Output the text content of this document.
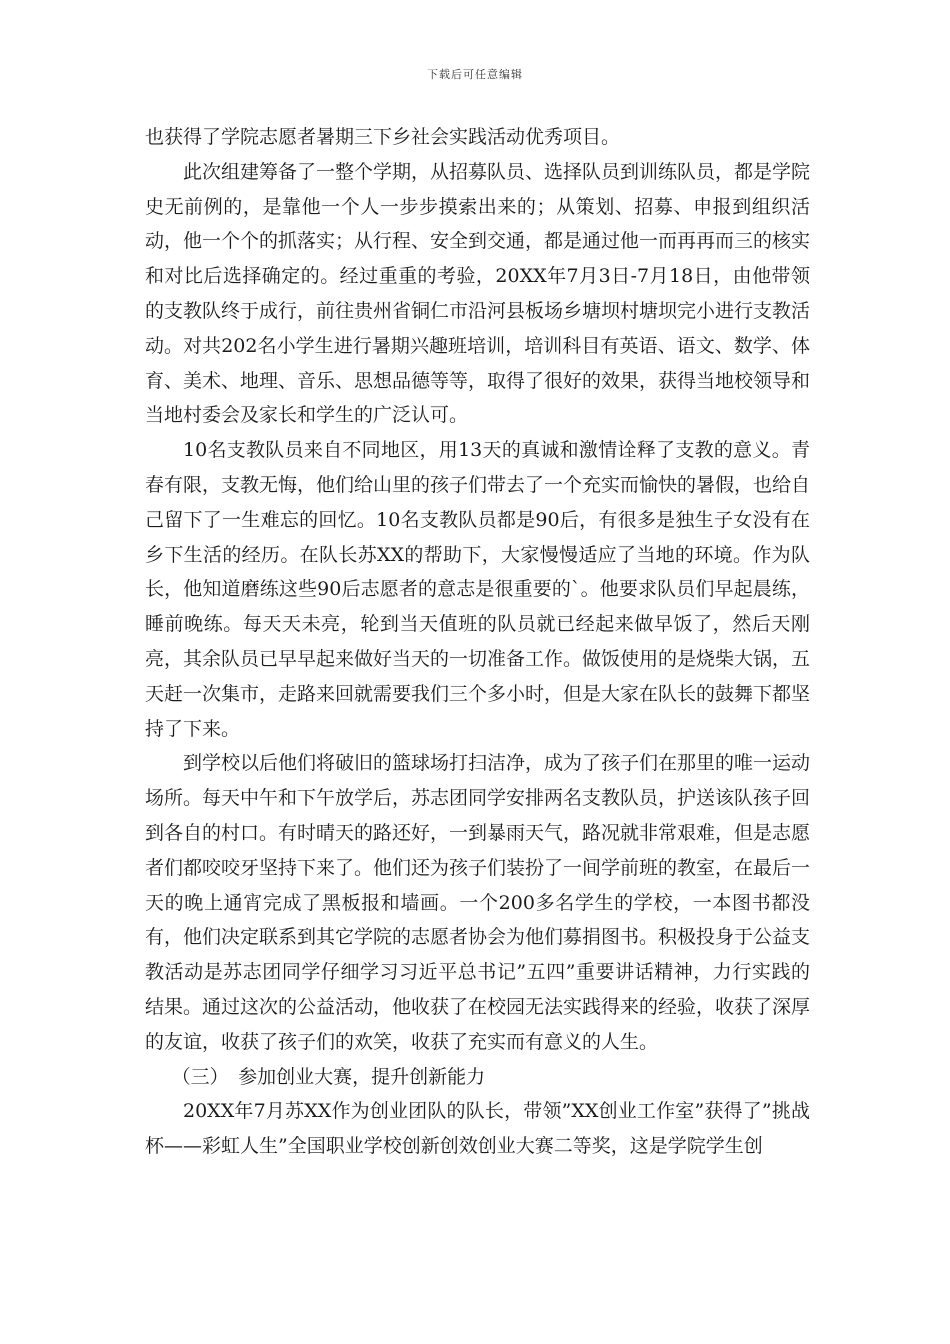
下载后可任意编辑

也获得了学院志愿者暑期三下乡社会实践活动优秀项目。

此次组建筹备了一整个学期，从招募队员、选择队员到训练队员，都是学院史无前例的，是靠他一个人一步步摸索出来的；从策划、招募、申报到组织活动，他一个个的抓落实；从行程、安全到交通，都是通过他一而再再而三的核实和对比后选择确定的。经过重重的考验，20XX年7月3日-7月18日，由他带领的支教队终于成行，前往贵州省铜仁市沿河县板场乡塘坝村塘坝完小进行支教活动。对共202名小学生进行暑期兴趣班培训，培训科目有英语、语文、数学、体育、美术、地理、音乐、思想品德等等，取得了很好的效果，获得当地校领导和当地村委会及家长和学生的广泛认可。

10名支教队员来自不同地区，用13天的真诚和激情诠释了支教的意义。青春有限，支教无悔，他们给山里的孩子们带去了一个充实而愉快的暑假，也给自己留下了一生难忘的回忆。10名支教队员都是90后，有很多是独生子女没有在乡下生活的经历。在队长苏XX的帮助下，大家慢慢适应了当地的环境。作为队长，他知道磨练这些90后志愿者的意志是很重要的`。他要求队员们早起晨练，睡前晚练。每天天未亮，轮到当天值班的队员就已经起来做早饭了，然后天刚亮，其余队员已早早起来做好当天的一切准备工作。做饭使用的是烧柴大锅，五天赶一次集市，走路来回就需要我们三个多小时，但是大家在队长的鼓舞下都坚持了下来。

到学校以后他们将破旧的篮球场打扫洁净，成为了孩子们在那里的唯一运动场所。每天中午和下午放学后，苏志团同学安排两名支教队员，护送该队孩子回到各自的村口。有时晴天的路还好，一到暴雨天气，路况就非常艰难，但是志愿者们都咬咬牙坚持下来了。他们还为孩子们装扮了一间学前班的教室，在最后一天的晚上通宵完成了黑板报和墙画。一个200多名学生的学校，一本图书都没有，他们决定联系到其它学院的志愿者协会为他们募捐图书。积极投身于公益支教活动是苏志团同学仔细学习习近平总书记”五四”重要讲话精神，力行实践的结果。通过这次的公益活动，他收获了在校园无法实践得来的经验，收获了深厚的友谊，收获了孩子们的欢笑，收获了充实而有意义的人生。

（三）　参加创业大赛，提升创新能力

20XX年7月苏XX作为创业团队的队长，带领”XX创业工作室”获得了”挑战杯——彩虹人生”全国职业学校创新创效创业大赛二等奖，这是学院学生创
